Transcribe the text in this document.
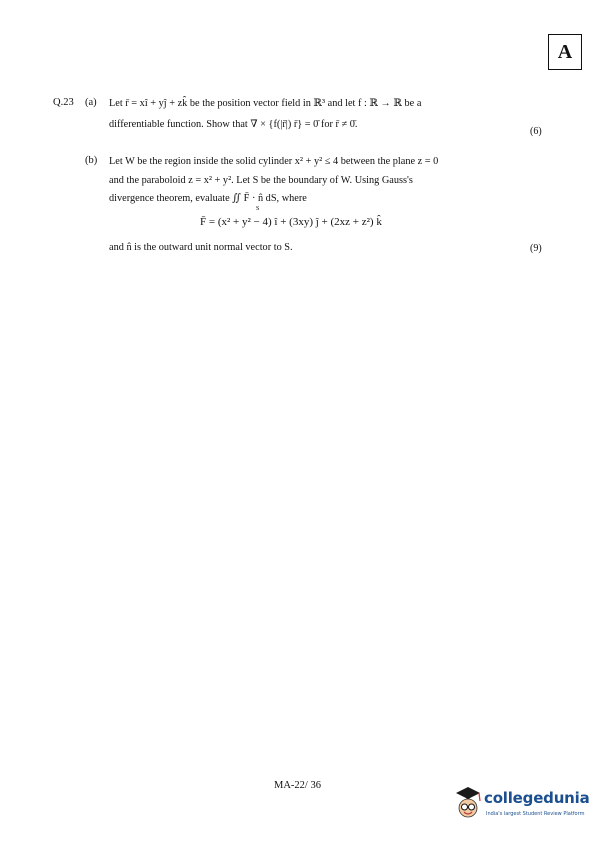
A
Q.23 (a) Let r̄ = xî + yĵ + zk̂ be the position vector field in ℝ³ and let f : ℝ → ℝ be a
differentiable function. Show that ∇̄ × {f(|r̄|) r̄} = 0̄ for r̄ ≠ 0̄.
(6)
(b) Let W be the region inside the solid cylinder x² + y² ≤ 4 between the plane z = 0
and the paraboloid z = x² + y². Let S be the boundary of W. Using Gauss's
divergence theorem, evaluate ∬ F̄ · n̂ dS, where
S
F̄ = (x² + y² − 4) î + (3xy) ĵ + (2xz + z²) k̂
and n̂ is the outward unit normal vector to S.	(9)
MA-22/ 36
collegedunia
India's largest Student Review Platform
